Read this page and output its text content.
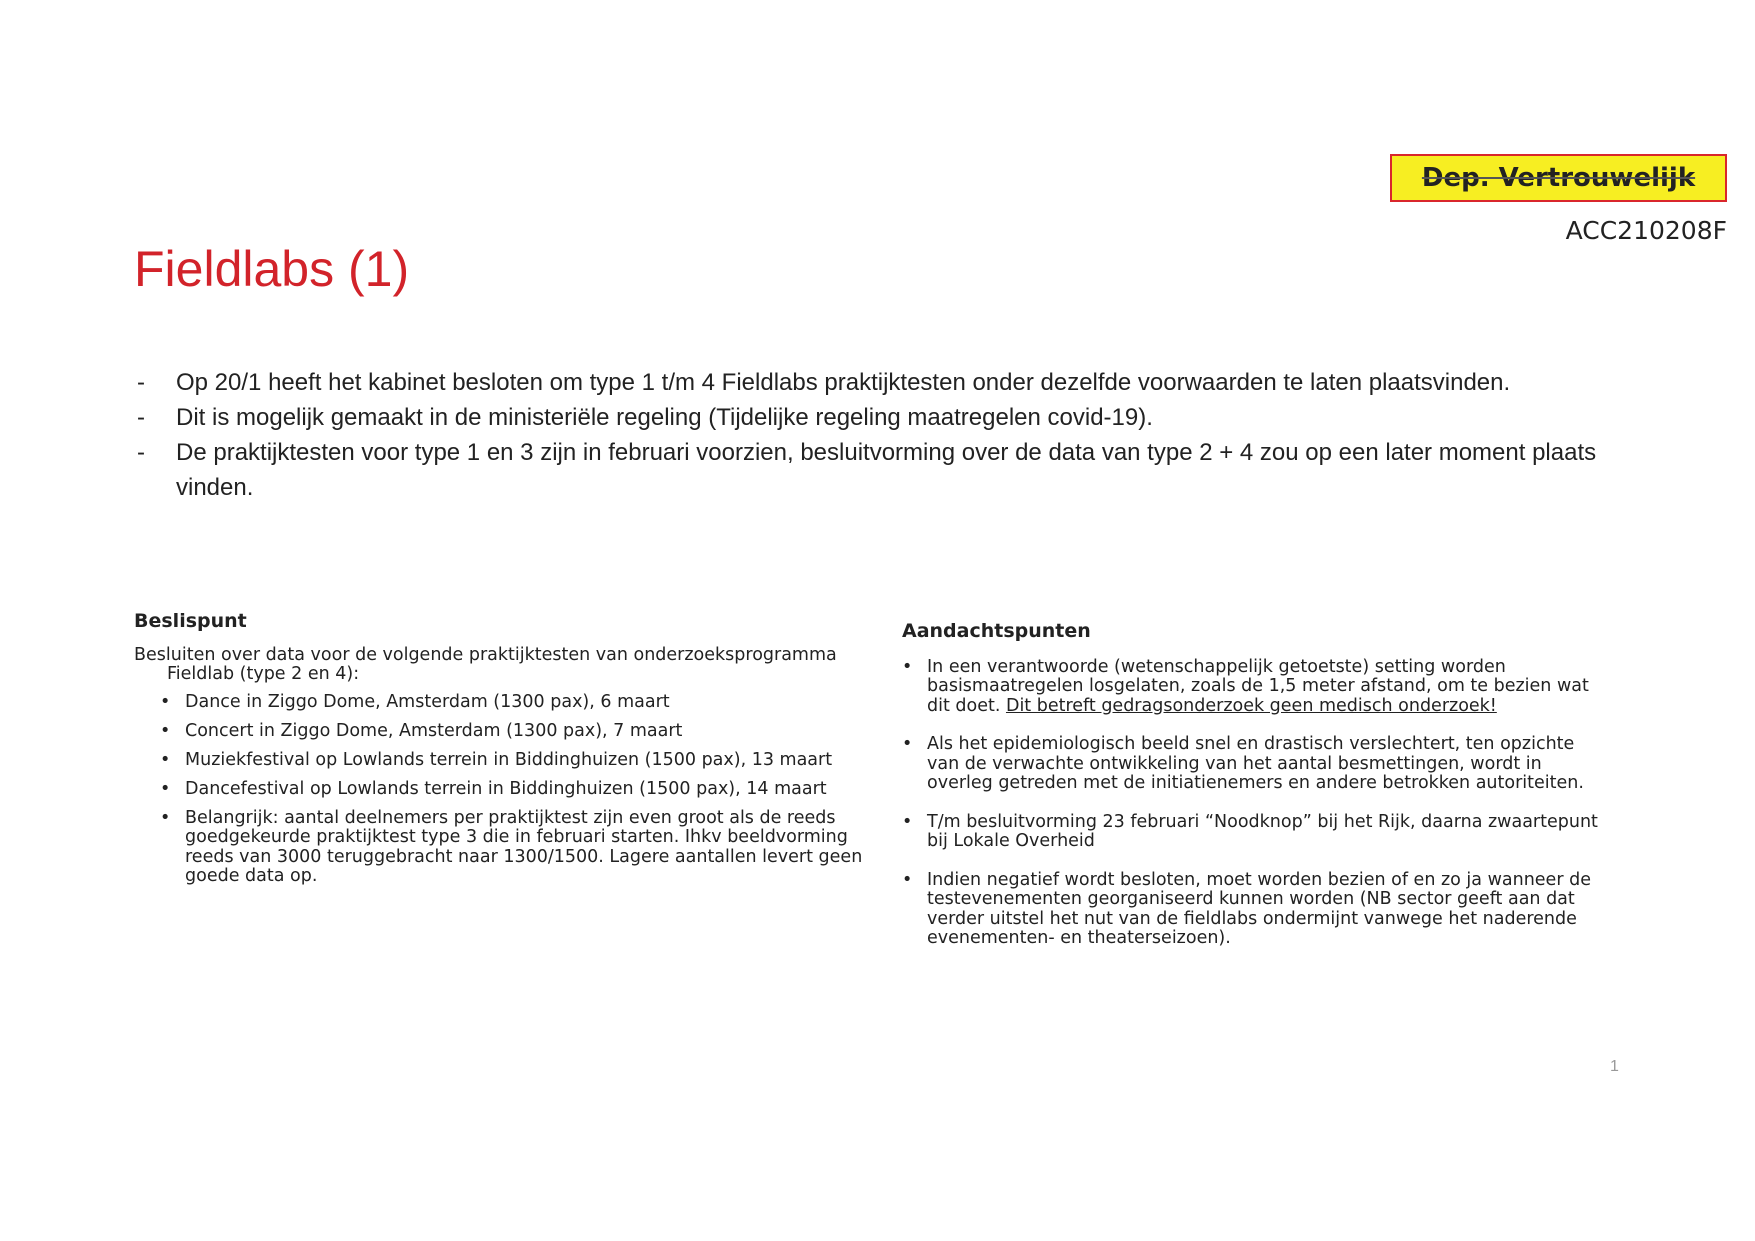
Dep. Vertrouwelijk
ACC210208F
Fieldlabs (1)
- Op 20/1 heeft het kabinet besloten om type 1 t/m 4 Fieldlabs praktijktesten onder dezelfde voorwaarden te laten plaatsvinden.
- Dit is mogelijk gemaakt in de ministeriële regeling (Tijdelijke regeling maatregelen covid-19).
- De praktijktesten voor type 1 en 3 zijn in februari voorzien, besluitvorming over de data van type 2 + 4 zou op een later moment plaats vinden.
Beslispunt
Besluiten over data voor de volgende praktijktesten van onderzoeksprogramma Fieldlab (type 2 en 4):
• Dance in Ziggo Dome, Amsterdam (1300 pax), 6 maart
• Concert in Ziggo Dome, Amsterdam (1300 pax), 7 maart
• Muziekfestival op Lowlands terrein in Biddinghuizen (1500 pax), 13 maart
• Dancefestival op Lowlands terrein in Biddinghuizen (1500 pax), 14 maart
• Belangrijk: aantal deelnemers per praktijktest zijn even groot als de reeds goedgekeurde praktijktest type 3 die in februari starten. Ihkv beeldvorming reeds van 3000 teruggebracht naar 1300/1500. Lagere aantallen levert geen goede data op.
Aandachtspunten
• In een verantwoorde (wetenschappelijk getoetste) setting worden basismaatregelen losgelaten, zoals de 1,5 meter afstand, om te bezien wat dit doet. Dit betreft gedragsonderzoek geen medisch onderzoek!
• Als het epidemiologisch beeld snel en drastisch verslechtert, ten opzichte van de verwachte ontwikkeling van het aantal besmettingen, wordt in overleg getreden met de initiatienemers en andere betrokken autoriteiten.
• T/m besluitvorming 23 februari “Noodknop” bij het Rijk, daarna zwaartepunt bij Lokale Overheid
• Indien negatief wordt besloten, moet worden bezien of en zo ja wanneer de testevenementen georganiseerd kunnen worden (NB sector geeft aan dat verder uitstel het nut van de fieldlabs ondermijnt vanwege het naderende evenementen- en theaterseizoen).
1
